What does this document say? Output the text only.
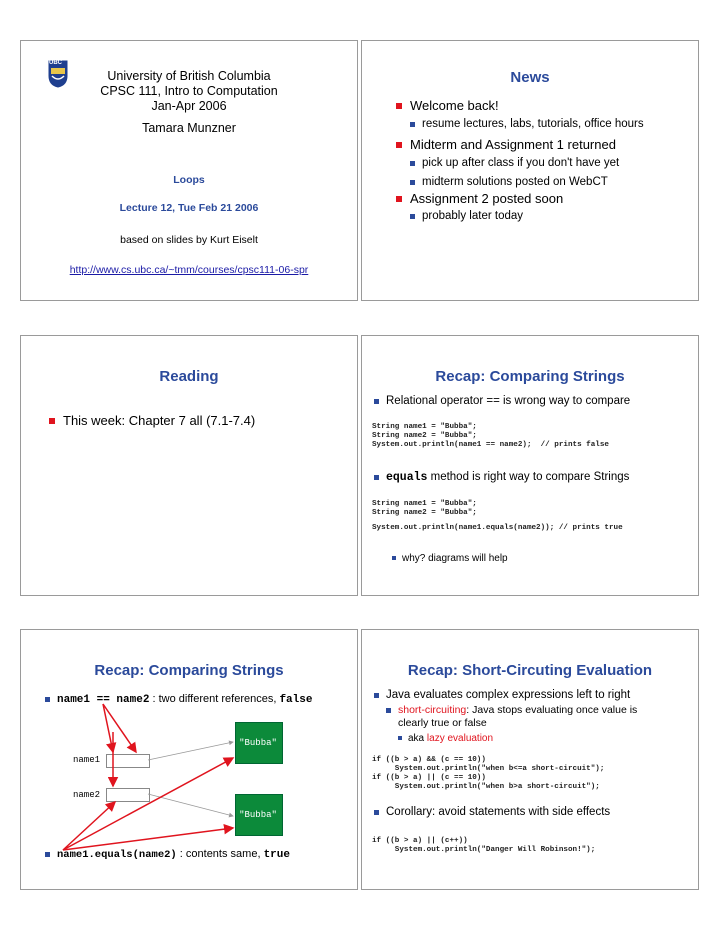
UBC
University of British Columbia
CPSC 111, Intro to Computation
Jan-Apr 2006
Tamara Munzner
Loops
Lecture 12, Tue Feb 21 2006
based on slides by Kurt Eiselt
http://www.cs.ubc.ca/~tmm/courses/cpsc111-06-spr
News
Welcome back!
resume lectures, labs, tutorials, office hours
Midterm and Assignment 1 returned
pick up after class if you don't have yet
midterm solutions posted on WebCT
Assignment 2 posted soon
probably later today
Reading
This week: Chapter 7 all (7.1-7.4)
Recap: Comparing Strings
Relational operator == is wrong way to compare
String name1 = "Bubba";
String name2 = "Bubba";
System.out.println(name1 == name2);  // prints false
equals method is right way to compare Strings
String name1 = "Bubba";
String name2 = "Bubba";
System.out.println(name1.equals(name2)); // prints true
why? diagrams will help
Recap: Comparing Strings
name1 == name2 : two different references, false
"Bubba"
"Bubba"
name1
name2
name1.equals(name2) : contents same, true
Recap: Short-Circuting Evaluation
Java evaluates complex expressions left to right
short-circuiting: Java stops evaluating once value is
clearly true or false
aka lazy evaluation
if ((b > a) && (c == 10))
System.out.println("when b<=a short-circuit");
if ((b > a) || (c == 10))
System.out.println("when b>a short-circuit");
Corollary: avoid statements with side effects
if ((b > a) || (c++))
System.out.println("Danger Will Robinson!");
